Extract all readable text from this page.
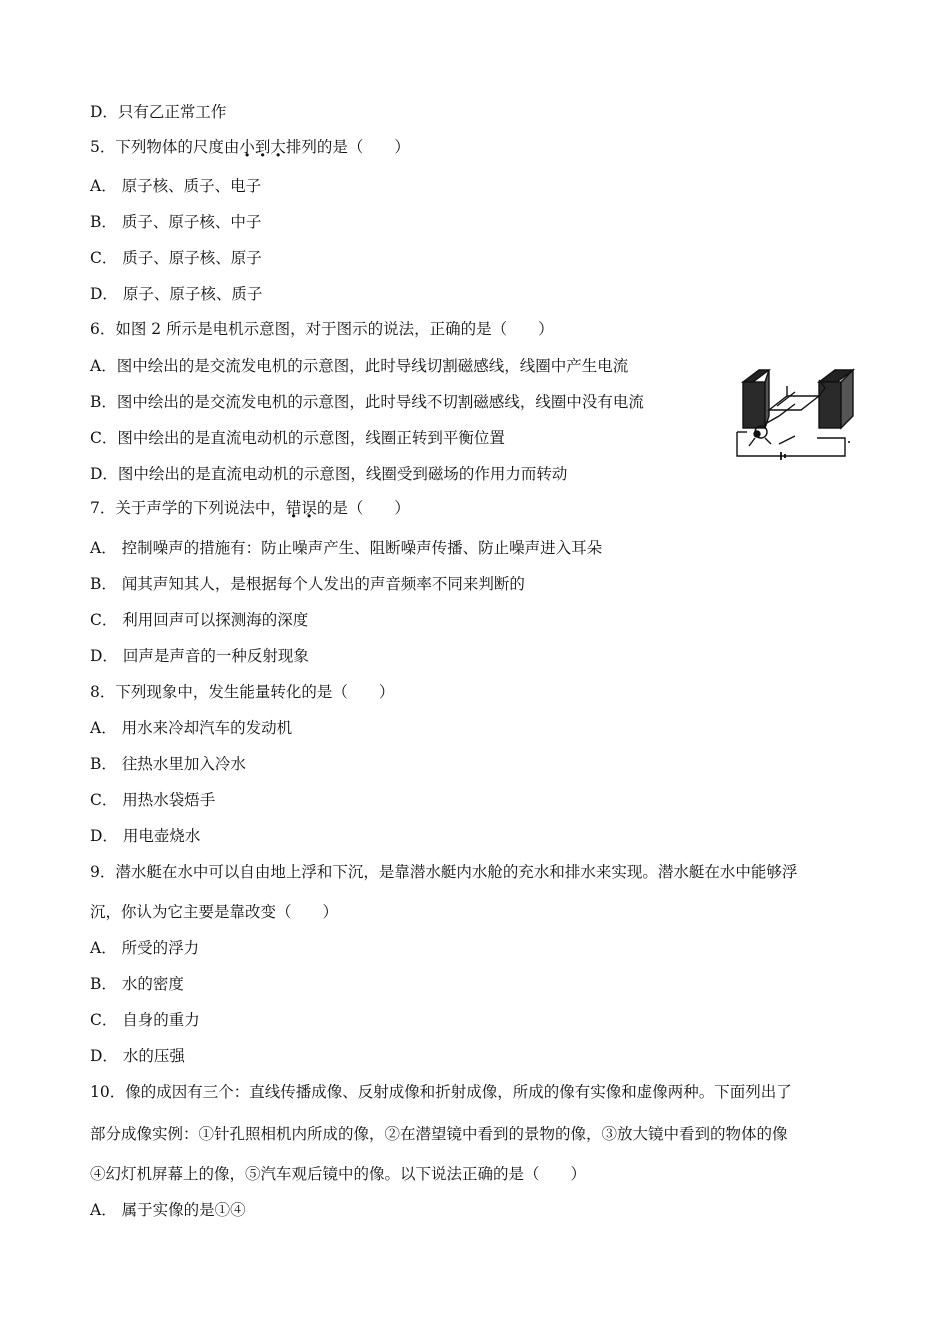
D．只有乙正常工作
5．下列物体的尺度由小到大排列的是（　　）
A． 原子核、质子、电子
B． 质子、原子核、中子
C． 质子、原子核、原子
D． 原子、原子核、质子
6．如图 2 所示是电机示意图，对于图示的说法，正确的是（　　）
A．图中绘出的是交流发电机的示意图，此时导线切割磁感线，线圈中产生电流
B．图中绘出的是交流发电机的示意图，此时导线不切割磁感线，线圈中没有电流
C．图中绘出的是直流电动机的示意图，线圈正转到平衡位置
D．图中绘出的是直流电动机的示意图，线圈受到磁场的作用力而转动
7．关于声学的下列说法中，错误的是（　　）
A． 控制噪声的措施有：防止噪声产生、阻断噪声传播、防止噪声进入耳朵
B． 闻其声知其人，是根据每个人发出的声音频率不同来判断的
C． 利用回声可以探测海的深度
D． 回声是声音的一种反射现象
8．下列现象中，发生能量转化的是（　　）
A． 用水来冷却汽车的发动机
B． 往热水里加入冷水
C． 用热水袋焐手
D． 用电壶烧水
9．潜水艇在水中可以自由地上浮和下沉，是靠潜水艇内水舱的充水和排水来实现。潜水艇在水中能够浮
沉，你认为它主要是靠改变（　　）
A． 所受的浮力
B． 水的密度
C． 自身的重力
D． 水的压强
10．像的成因有三个：直线传播成像、反射成像和折射成像，所成的像有实像和虚像两种。下面列出了
部分成像实例：①针孔照相机内所成的像，②在潜望镜中看到的景物的像，③放大镜中看到的物体的像
④幻灯机屏幕上的像，⑤汽车观后镜中的像。以下说法正确的是（　　）
A． 属于实像的是①④
